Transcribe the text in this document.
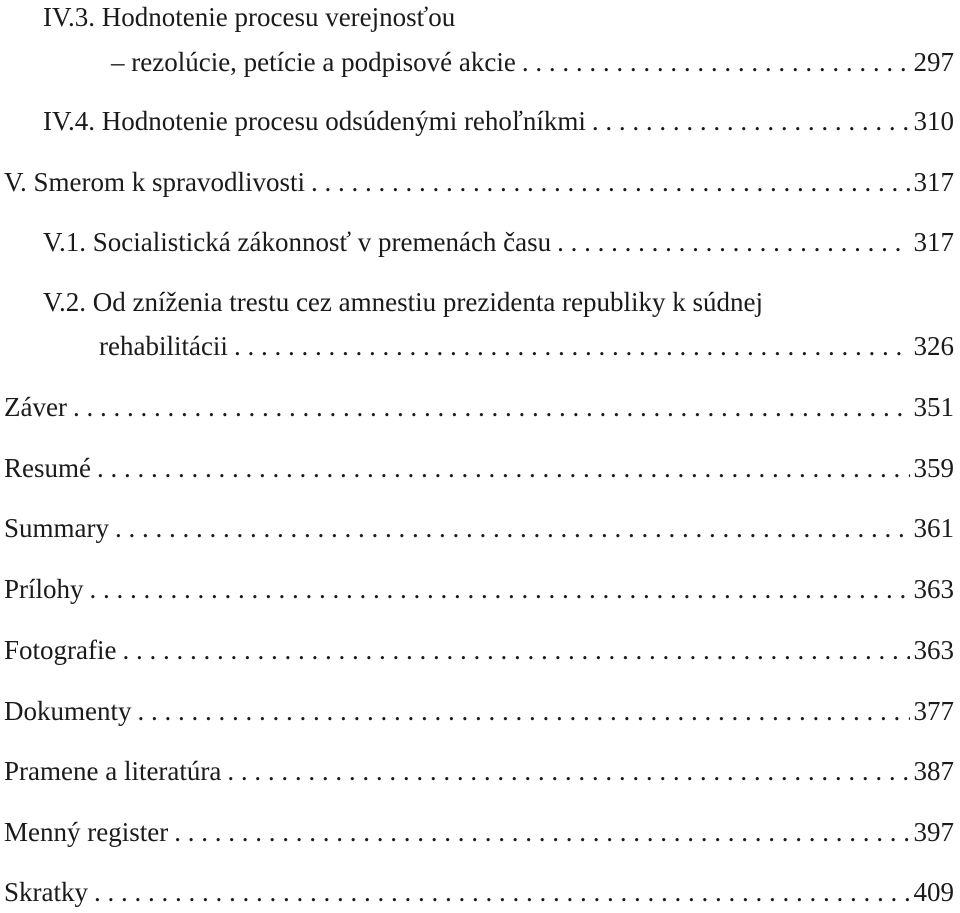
IV.3. Hodnotenie procesu verejnosťou
– rezolúcie, petície a podpisové akcie . . .	297
IV.4. Hodnotenie procesu odsúdenými rehoľníkmi . . .	310
V. Smerom k spravodlivosti . . .	317
V.1. Socialistická zákonnosť v premenách času . . .	317
V.2. Od zníženia trestu cez amnestiu prezidenta republiky k súdnej
rehabilitácii . . .	326
Záver . . .	351
Resumé . . .	359
Summary . . .	361
Prílohy . . .	363
Fotografie . . .	363
Dokumenty . . .	377
Pramene a literatúra . . .	387
Menný register . . .	397
Skratky . . .	409
